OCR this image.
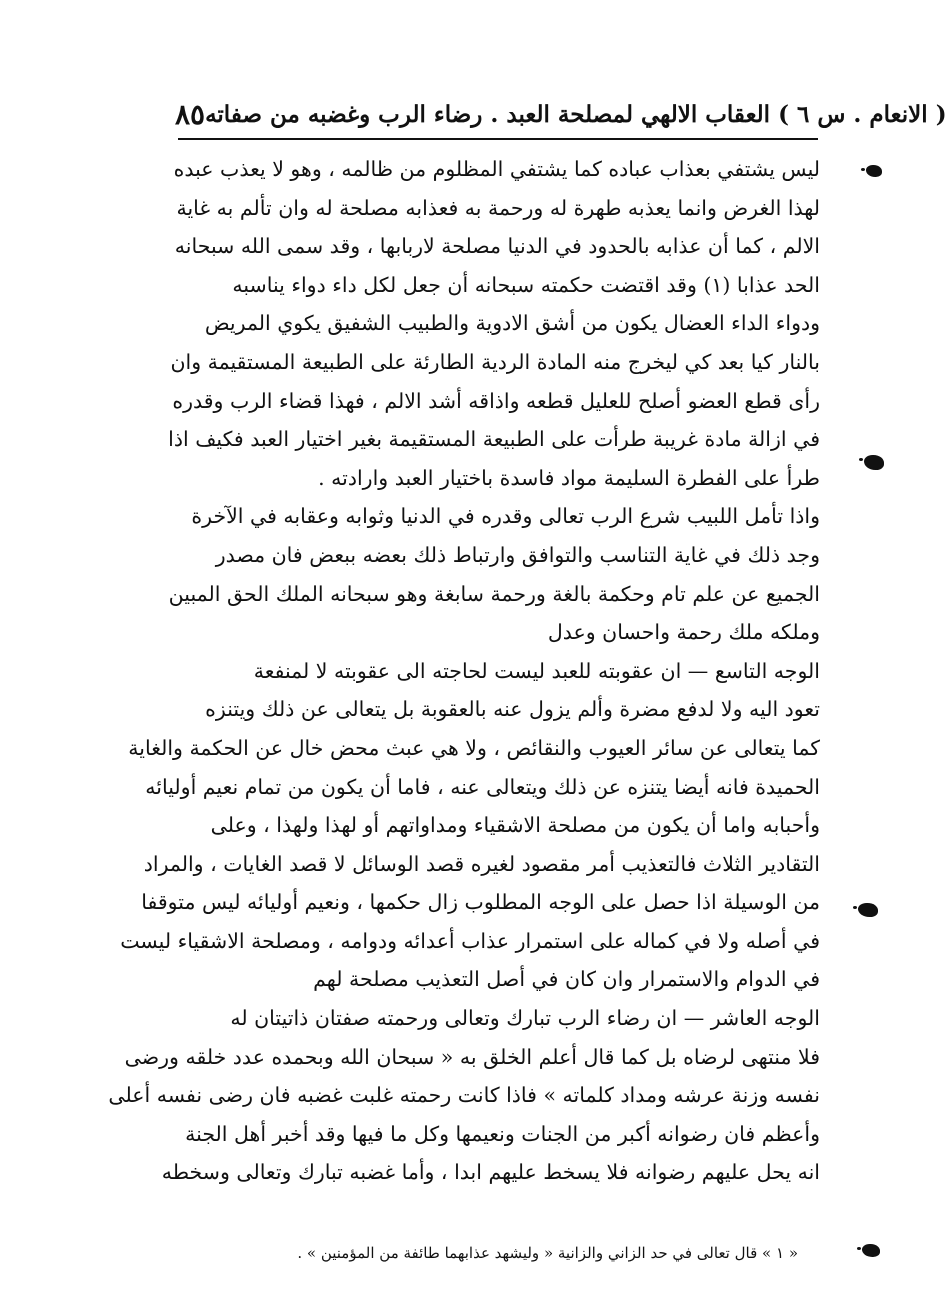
٨٥ ( الانعام . س ٦ ) العقاب الالهي لمصلحة العبد . رضاء الرب وغضبه من صفاته
ليس يشتفي بعذاب عباده كما يشتفي المظلوم من ظالمه ، وهو لا يعذب عبده
لهذا الغرض وانما يعذبه طهرة له ورحمة به فعذابه مصلحة له وان تألم به غاية
الالم ، كما أن عذابه بالحدود في الدنيا مصلحة لاربابها ، وقد سمى الله سبحانه
الحد عذابا (١) وقد اقتضت حكمته سبحانه أن جعل لكل داء دواء يناسبه
ودواء الداء العضال يكون من أشق الادوية والطبيب الشفيق يكوي المريض
بالنار كيا بعد كي ليخرج منه المادة الردية الطارئة على الطبيعة المستقيمة وان
رأى قطع العضو أصلح للعليل قطعه واذاقه أشد الالم ، فهذا قضاء الرب وقدره
في ازالة مادة غريبة طرأت على الطبيعة المستقيمة بغير اختيار العبد فكيف اذا
طرأ على الفطرة السليمة مواد فاسدة باختيار العبد وارادته .
واذا تأمل اللبيب شرع الرب تعالى وقدره في الدنيا وثوابه وعقابه في الآخرة
وجد ذلك في غاية التناسب والتوافق وارتباط ذلك بعضه ببعض فان مصدر
الجميع عن علم تام وحكمة بالغة ورحمة سابغة وهو سبحانه الملك الحق المبين
وملكه ملك رحمة واحسان وعدل
الوجه التاسع — ان عقوبته للعبد ليست لحاجته الى عقوبته لا لمنفعة
تعود اليه ولا لدفع مضرة وألم يزول عنه بالعقوبة بل يتعالى عن ذلك ويتنزه
كما يتعالى عن سائر العيوب والنقائص ، ولا هي عبث محض خال عن الحكمة والغاية
الحميدة فانه أيضا يتنزه عن ذلك ويتعالى عنه ، فاما أن يكون من تمام نعيم أوليائه
وأحبابه واما أن يكون من مصلحة الاشقياء ومداواتهم أو لهذا ولهذا ، وعلى
التقادير الثلاث فالتعذيب أمر مقصود لغيره قصد الوسائل لا قصد الغايات ، والمراد
من الوسيلة اذا حصل على الوجه المطلوب زال حكمها ، ونعيم أوليائه ليس متوقفا
في أصله ولا في كماله على استمرار عذاب أعدائه ودوامه ، ومصلحة الاشقياء ليست
في الدوام والاستمرار وان كان في أصل التعذيب مصلحة لهم
الوجه العاشر — ان رضاء الرب تبارك وتعالى ورحمته صفتان ذاتيتان له
فلا منتهى لرضاه بل كما قال أعلم الخلق به « سبحان الله وبحمده عدد خلقه ورضى
نفسه وزنة عرشه ومداد كلماته » فاذا كانت رحمته غلبت غضبه فان رضى نفسه أعلى
وأعظم فان رضوانه أكبر من الجنات ونعيمها وكل ما فيها وقد أخبر أهل الجنة
انه يحل عليهم رضوانه فلا يسخط عليهم ابدا ، وأما غضبه تبارك وتعالى وسخطه
« ١ » قال تعالى في حد الزاني والزانية « وليشهد عذابهما طائفة من المؤمنين » .
